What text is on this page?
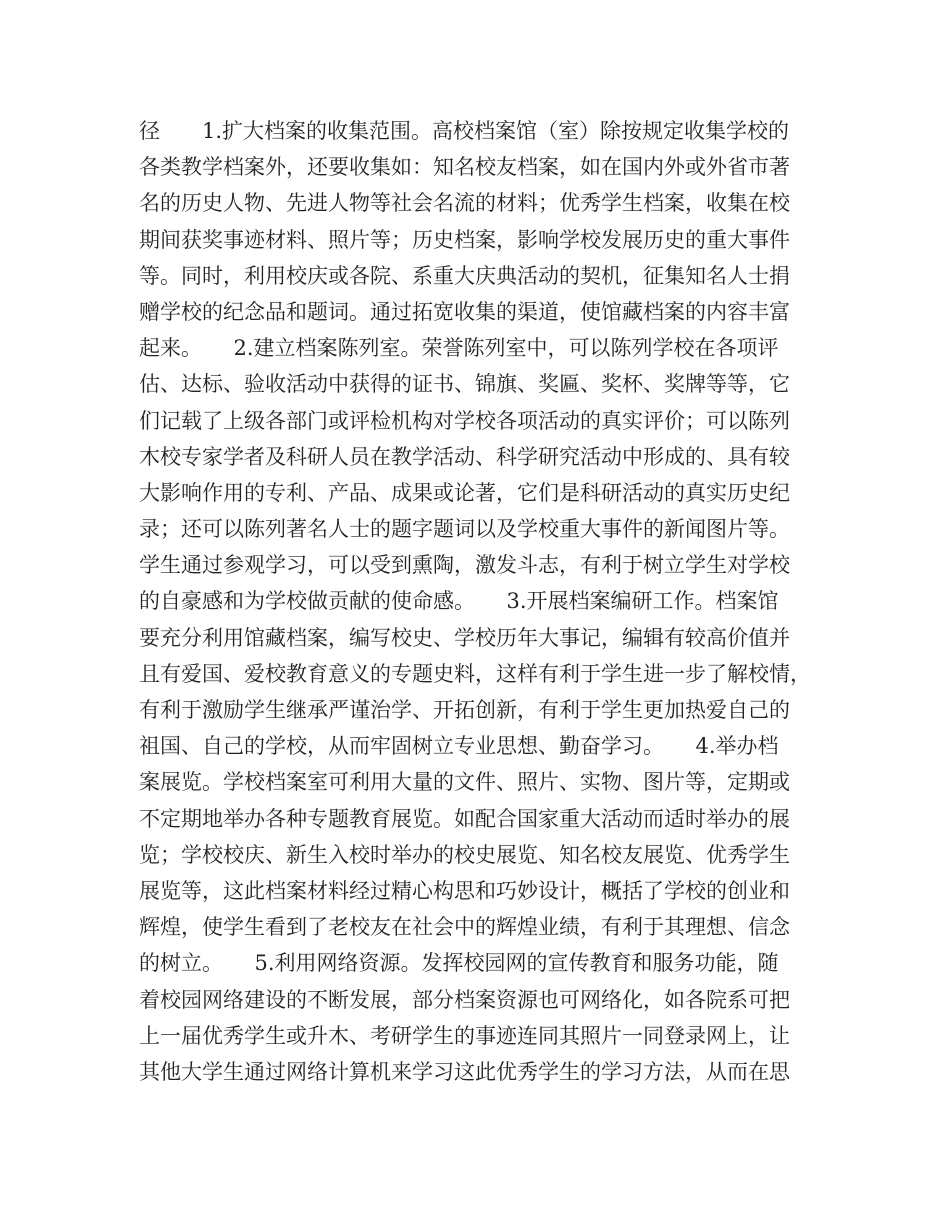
径　　1.扩大档案的收集范围。高校档案馆（室）除按规定收集学校的
各类教学档案外，还要收集如：知名校友档案，如在国内外或外省市著
名的历史人物、先进人物等社会名流的材料；优秀学生档案，收集在校
期间获奖事迹材料、照片等；历史档案，影响学校发展历史的重大事件
等。同时，利用校庆或各院、系重大庆典活动的契机，征集知名人士捐
赠学校的纪念品和题词。通过拓宽收集的渠道，使馆藏档案的内容丰富
起来。　　2.建立档案陈列室。荣誉陈列室中，可以陈列学校在各项评
估、达标、验收活动中获得的证书、锦旗、奖匾、奖杯、奖牌等等，它
们记载了上级各部门或评检机构对学校各项活动的真实评价；可以陈列
木校专家学者及科研人员在教学活动、科学研究活动中形成的、具有较
大影响作用的专利、产品、成果或论著，它们是科研活动的真实历史纪
录；还可以陈列著名人士的题字题词以及学校重大事件的新闻图片等。
学生通过参观学习，可以受到熏陶，激发斗志，有利于树立学生对学校
的自豪感和为学校做贡献的使命感。　　3.开展档案编研工作。档案馆
要充分利用馆藏档案，编写校史、学校历年大事记，编辑有较高价值并
且有爱国、爱校教育意义的专题史料，这样有利于学生进一步了解校情，
有利于激励学生继承严谨治学、开拓创新，有利于学生更加热爱自己的
祖国、自己的学校，从而牢固树立专业思想、勤奋学习。　　4.举办档
案展览。学校档案室可利用大量的文件、照片、实物、图片等，定期或
不定期地举办各种专题教育展览。如配合国家重大活动而适时举办的展
览；学校校庆、新生入校时举办的校史展览、知名校友展览、优秀学生
展览等，这此档案材料经过精心构思和巧妙设计，概括了学校的创业和
辉煌，使学生看到了老校友在社会中的辉煌业绩，有利于其理想、信念
的树立。　　5.利用网络资源。发挥校园网的宣传教育和服务功能，随
着校园网络建设的不断发展，部分档案资源也可网络化，如各院系可把
上一届优秀学生或升木、考研学生的事迹连同其照片一同登录网上，让
其他大学生通过网络计算机来学习这此优秀学生的学习方法，从而在思
